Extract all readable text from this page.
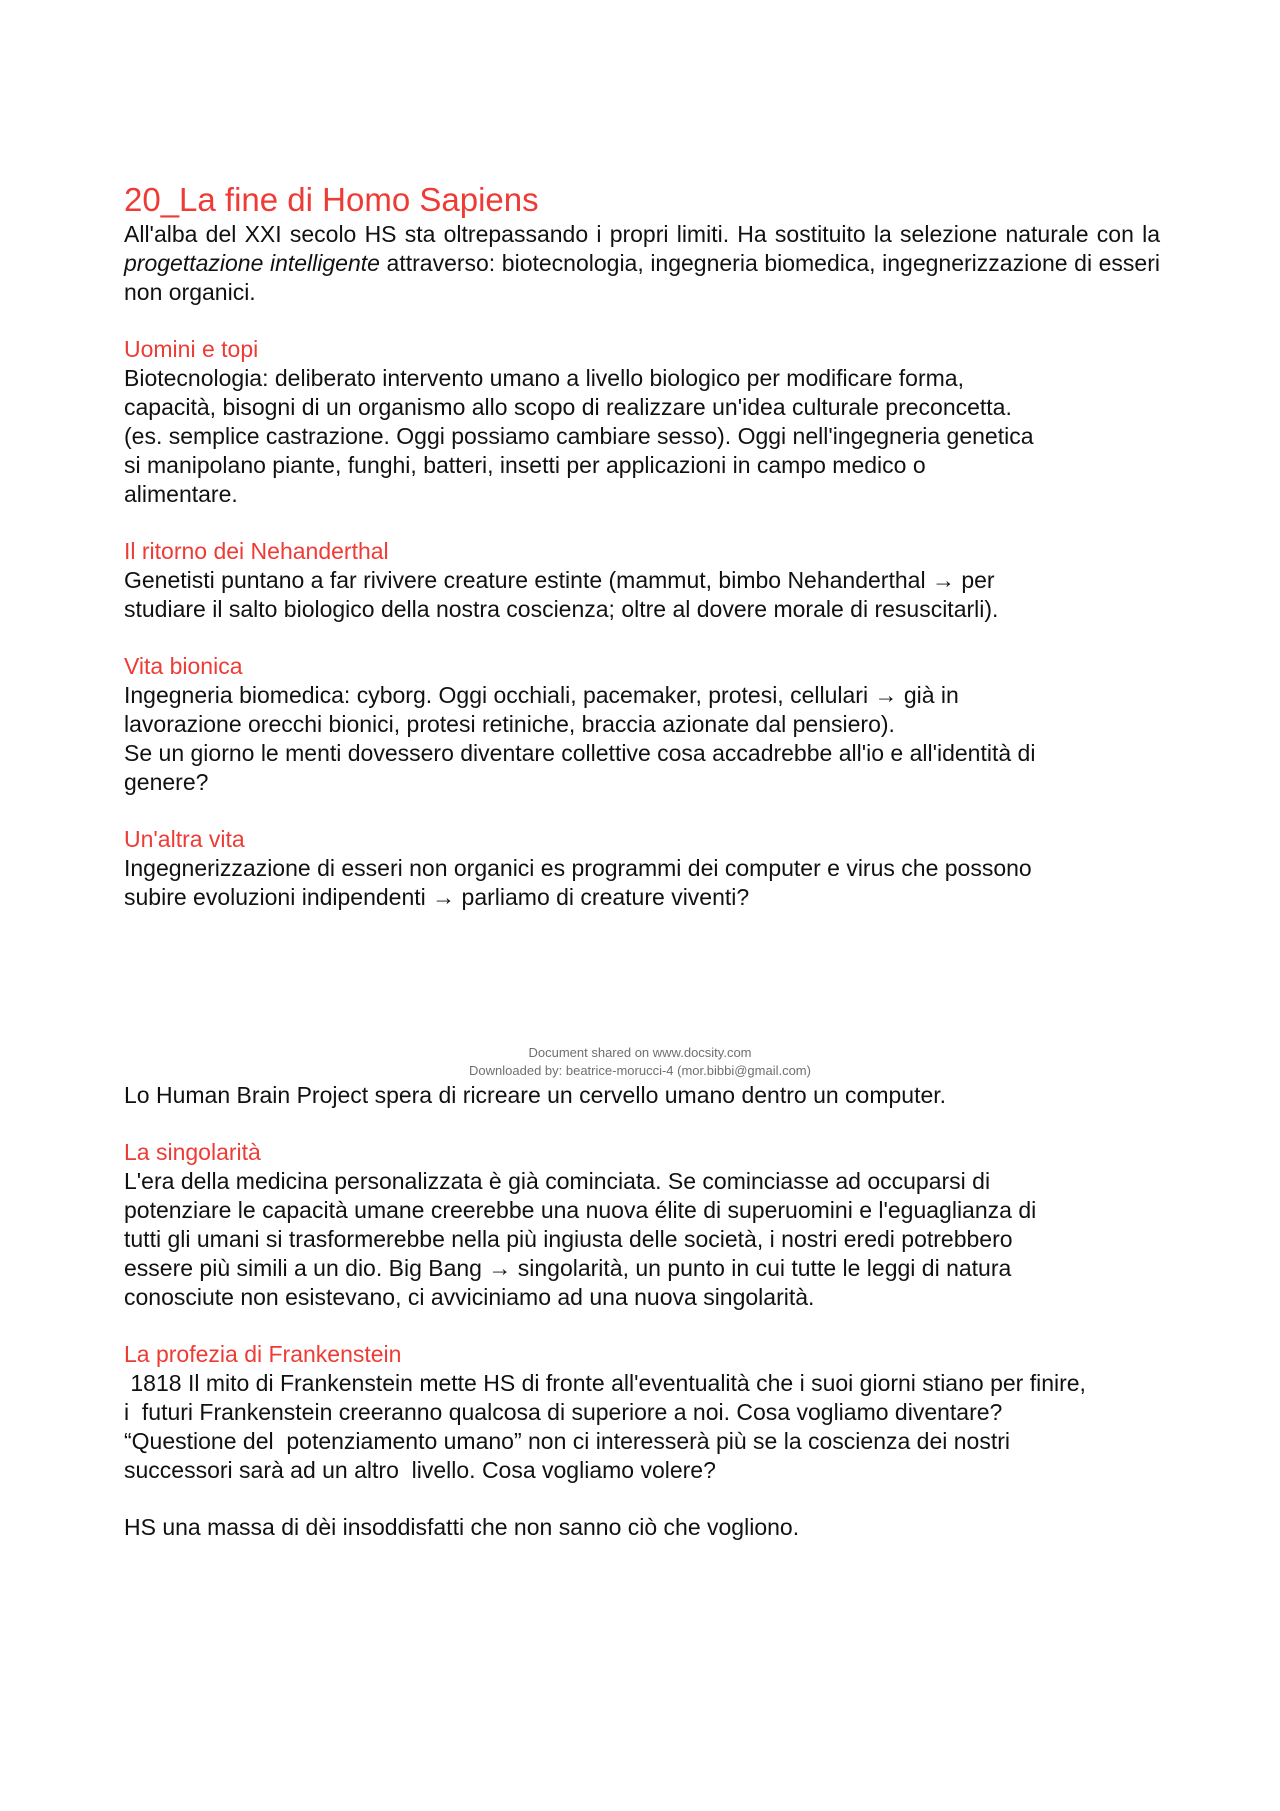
20_La fine di Homo Sapiens

All'alba del XXI secolo HS sta oltrepassando i propri limiti. Ha sostituito la selezione naturale con la progettazione intelligente attraverso: biotecnologia, ingegneria biomedica, ingegnerizzazione di esseri non organici.

Uomini e topi

Biotecnologia: deliberato intervento umano a livello biologico per modificare forma,
capacità, bisogni di un organismo allo scopo di realizzare un'idea culturale preconcetta.
(es. semplice castrazione. Oggi possiamo cambiare sesso). Oggi nell'ingegneria genetica
si manipolano piante, funghi, batteri, insetti per applicazioni in campo medico o
alimentare.

Il ritorno dei Nehanderthal

Genetisti puntano a far rivivere creature estinte (mammut, bimbo Nehanderthal → per
studiare il salto biologico della nostra coscienza; oltre al dovere morale di resuscitarli).

Vita bionica

Ingegneria biomedica: cyborg. Oggi occhiali, pacemaker, protesi, cellulari → già in
lavorazione orecchi bionici, protesi retiniche, braccia azionate dal pensiero).
Se un giorno le menti dovessero diventare collettive cosa accadrebbe all'io e all'identità di
genere?

Un'altra vita

Ingegnerizzazione di esseri non organici es programmi dei computer e virus che possono
subire evoluzioni indipendenti → parliamo di creature viventi?

Document shared on www.docsity.com
Downloaded by: beatrice-morucci-4 (mor.bibbi@gmail.com)

Lo Human Brain Project spera di ricreare un cervello umano dentro un computer.

La singolarità

L'era della medicina personalizzata è già cominciata. Se cominciasse ad occuparsi di
potenziare le capacità umane creerebbe una nuova élite di superuomini e l'eguaglianza di
tutti gli umani si trasformerebbe nella più ingiusta delle società, i nostri eredi potrebbero
essere più simili a un dio. Big Bang → singolarità, un punto in cui tutte le leggi di natura
conosciute non esistevano, ci avviciniamo ad una nuova singolarità.

La profezia di Frankenstein

1818 Il mito di Frankenstein mette HS di fronte all'eventualità che i suoi giorni stiano per finire,
i  futuri Frankenstein creeranno qualcosa di superiore a noi. Cosa vogliamo diventare?
“Questione del  potenziamento umano” non ci interesserà più se la coscienza dei nostri
successori sarà ad un altro  livello. Cosa vogliamo volere?

HS una massa di dèi insoddisfatti che non sanno ciò che vogliono.
